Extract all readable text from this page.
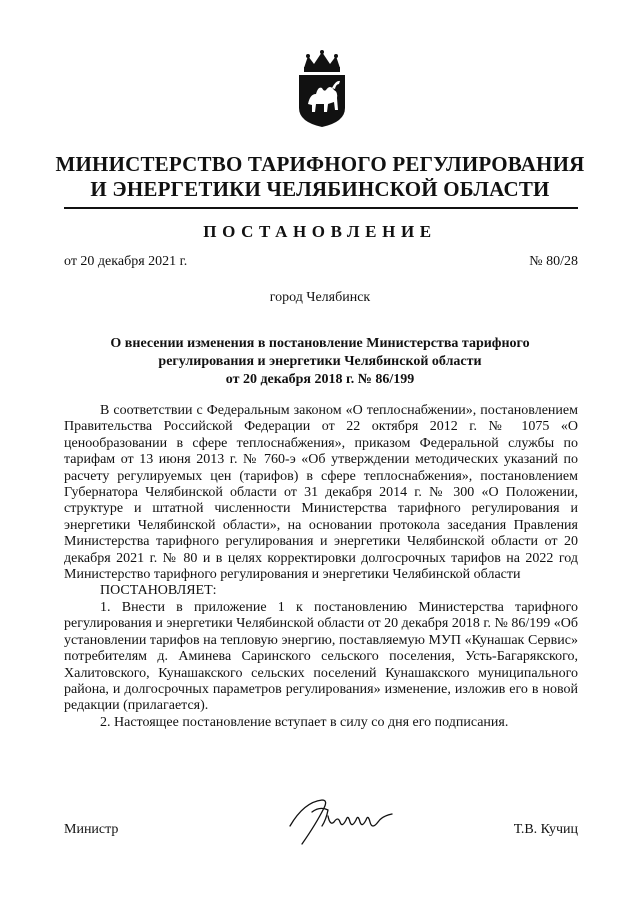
МИНИСТЕРСТВО ТАРИФНОГО РЕГУЛИРОВАНИЯ
И ЭНЕРГЕТИКИ ЧЕЛЯБИНСКОЙ ОБЛАСТИ
ПОСТАНОВЛЕНИЕ
от 20 декабря 2021 г.	№ 80/28
город Челябинск
О внесении изменения в постановление Министерства тарифного
регулирования и энергетики Челябинской области
от 20 декабря 2018 г. № 86/199

В соответствии с Федеральным законом «О теплоснабжении», постановлением Правительства Российской Федерации от 22 октября 2012 г. № 1075 «О ценообразовании в сфере теплоснабжения», приказом Федеральной службы по тарифам от 13 июня 2013 г. № 760-э «Об утверждении методических указаний по расчету регулируемых цен (тарифов) в сфере теплоснабжения», постановлением Губернатора Челябинской области от 31 декабря 2014 г. № 300 «О Положении, структуре и штатной численности Министерства тарифного регулирования и энергетики Челябинской области», на основании протокола заседания Правления Министерства тарифного регулирования и энергетики Челябинской области от 20 декабря 2021 г. № 80 и в целях корректировки долгосрочных тарифов на 2022 год Министерство тарифного регулирования и энергетики Челябинской области

ПОСТАНОВЛЯЕТ:

1. Внести в приложение 1 к постановлению Министерства тарифного регулирования и энергетики Челябинской области от 20 декабря 2018 г. № 86/199 «Об установлении тарифов на тепловую энергию, поставляемую МУП «Кунашак Сервис» потребителям д. Аминева Саринского сельского поселения, Усть-Багарякского, Халитовского, Кунашакского сельских поселений Кунашакского муниципального района, и долгосрочных параметров регулирования» изменение, изложив его в новой редакции (прилагается).

2. Настоящее постановление вступает в силу со дня его подписания.

Министр	Т.В. Кучиц
